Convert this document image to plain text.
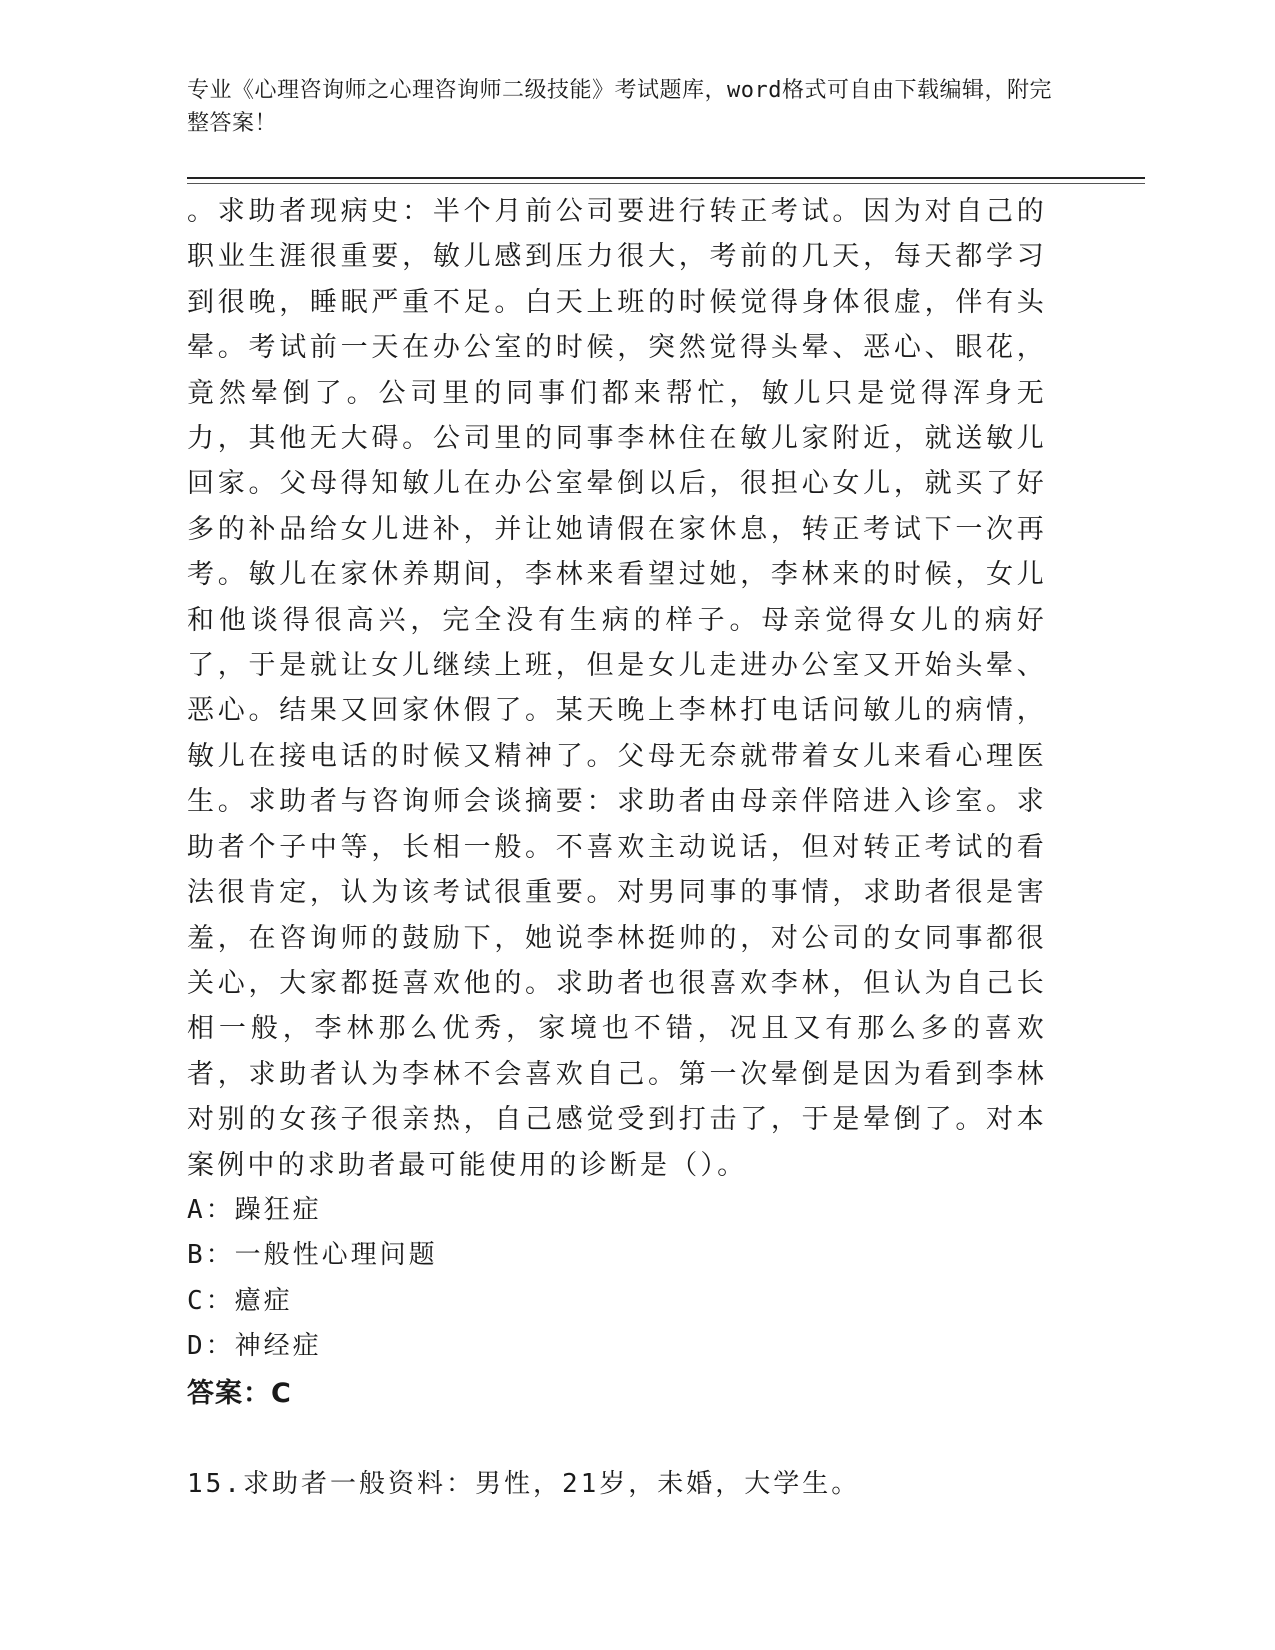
专业《心理咨询师之心理咨询师二级技能》考试题库，word格式可自由下载编辑，附完整答案！

。求助者现病史：半个月前公司要进行转正考试。因为对自己的职业生涯很重要，敏儿感到压力很大，考前的几天，每天都学习到很晚，睡眠严重不足。白天上班的时候觉得身体很虚，伴有头晕。考试前一天在办公室的时候，突然觉得头晕、恶心、眼花，竟然晕倒了。公司里的同事们都来帮忙，敏儿只是觉得浑身无力，其他无大碍。公司里的同事李林住在敏儿家附近，就送敏儿回家。父母得知敏儿在办公室晕倒以后，很担心女儿，就买了好多的补品给女儿进补，并让她请假在家休息，转正考试下一次再考。敏儿在家休养期间，李林来看望过她，李林来的时候，女儿和他谈得很高兴，完全没有生病的样子。母亲觉得女儿的病好了，于是就让女儿继续上班，但是女儿走进办公室又开始头晕、恶心。结果又回家休假了。某天晚上李林打电话问敏儿的病情，敏儿在接电话的时候又精神了。父母无奈就带着女儿来看心理医生。求助者与咨询师会谈摘要：求助者由母亲伴陪进入诊室。求助者个子中等，长相一般。不喜欢主动说话，但对转正考试的看法很肯定，认为该考试很重要。对男同事的事情，求助者很是害羞，在咨询师的鼓励下，她说李林挺帅的，对公司的女同事都很关心，大家都挺喜欢他的。求助者也很喜欢李林，但认为自己长相一般，李林那么优秀，家境也不错，况且又有那么多的喜欢者，求助者认为李林不会喜欢自己。第一次晕倒是因为看到李林对别的女孩子很亲热，自己感觉受到打击了，于是晕倒了。对本案例中的求助者最可能使用的诊断是（）。

A：躁狂症

B：一般性心理问题

C：癔症

D：神经症

答案：C

15.求助者一般资料：男性，21岁，未婚，大学生。
